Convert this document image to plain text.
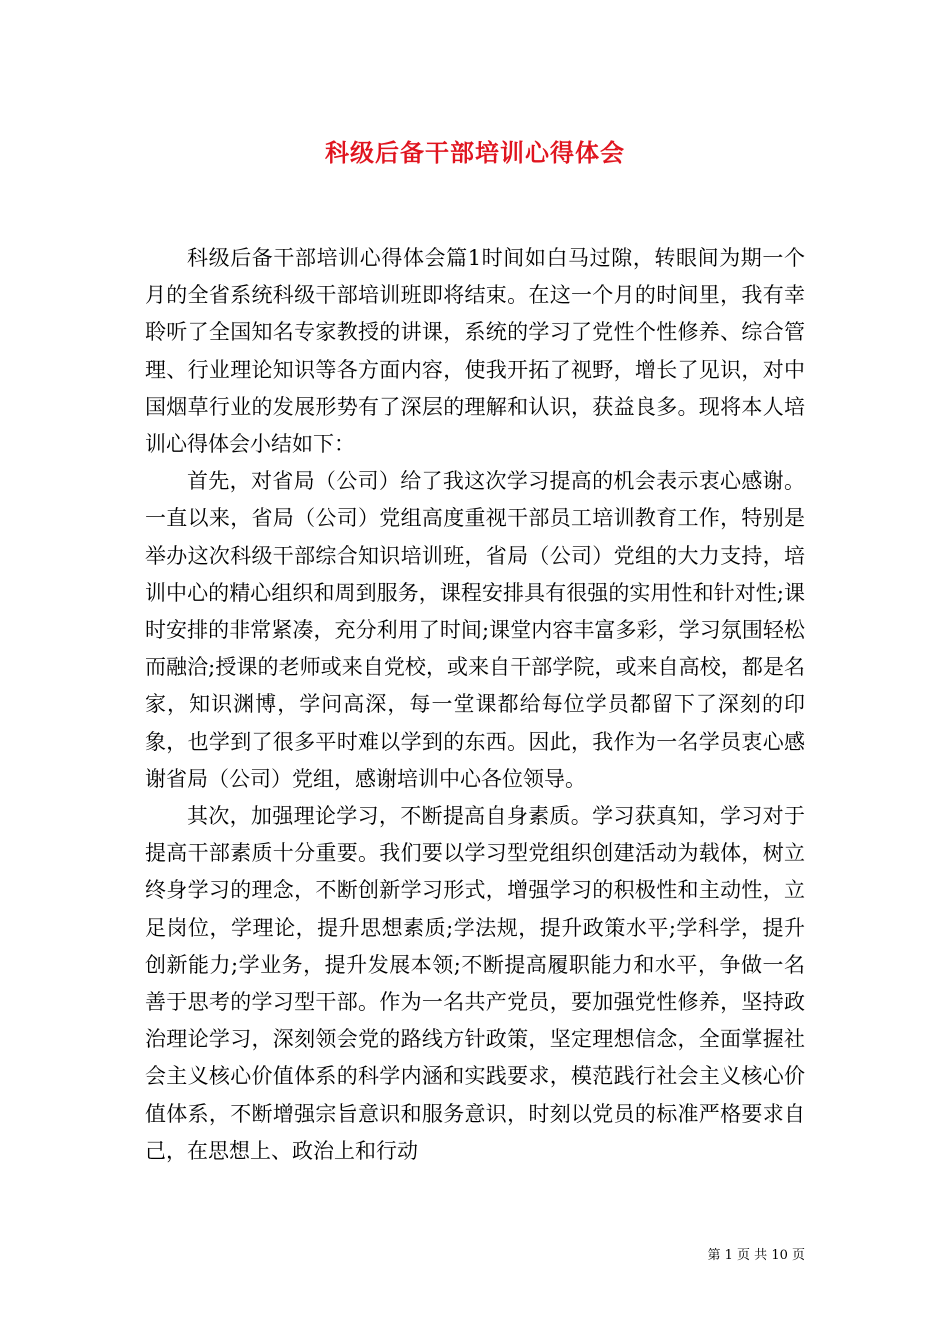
科级后备干部培训心得体会

科级后备干部培训心得体会篇1时间如白马过隙，转眼间为期一个月的全省系统科级干部培训班即将结束。在这一个月的时间里，我有幸聆听了全国知名专家教授的讲课，系统的学习了党性个性修养、综合管理、行业理论知识等各方面内容，使我开拓了视野，增长了见识，对中国烟草行业的发展形势有了深层的理解和认识，获益良多。现将本人培训心得体会小结如下：

首先，对省局（公司）给了我这次学习提高的机会表示衷心感谢。一直以来，省局（公司）党组高度重视干部员工培训教育工作，特别是举办这次科级干部综合知识培训班，省局（公司）党组的大力支持，培训中心的精心组织和周到服务，课程安排具有很强的实用性和针对性;课时安排的非常紧凑，充分利用了时间;课堂内容丰富多彩，学习氛围轻松而融洽;授课的老师或来自党校，或来自干部学院，或来自高校，都是名家，知识渊博，学问高深，每一堂课都给每位学员都留下了深刻的印象，也学到了很多平时难以学到的东西。因此，我作为一名学员衷心感谢省局（公司）党组，感谢培训中心各位领导。

其次，加强理论学习，不断提高自身素质。学习获真知，学习对于提高干部素质十分重要。我们要以学习型党组织创建活动为载体，树立终身学习的理念，不断创新学习形式，增强学习的积极性和主动性，立足岗位，学理论，提升思想素质;学法规，提升政策水平;学科学，提升创新能力;学业务，提升发展本领;不断提高履职能力和水平，争做一名善于思考的学习型干部。作为一名共产党员，要加强党性修养，坚持政治理论学习，深刻领会党的路线方针政策，坚定理想信念，全面掌握社会主义核心价值体系的科学内涵和实践要求，模范践行社会主义核心价值体系，不断增强宗旨意识和服务意识，时刻以党员的标准严格要求自己，在思想上、政治上和行动

第 1 页 共 10 页
